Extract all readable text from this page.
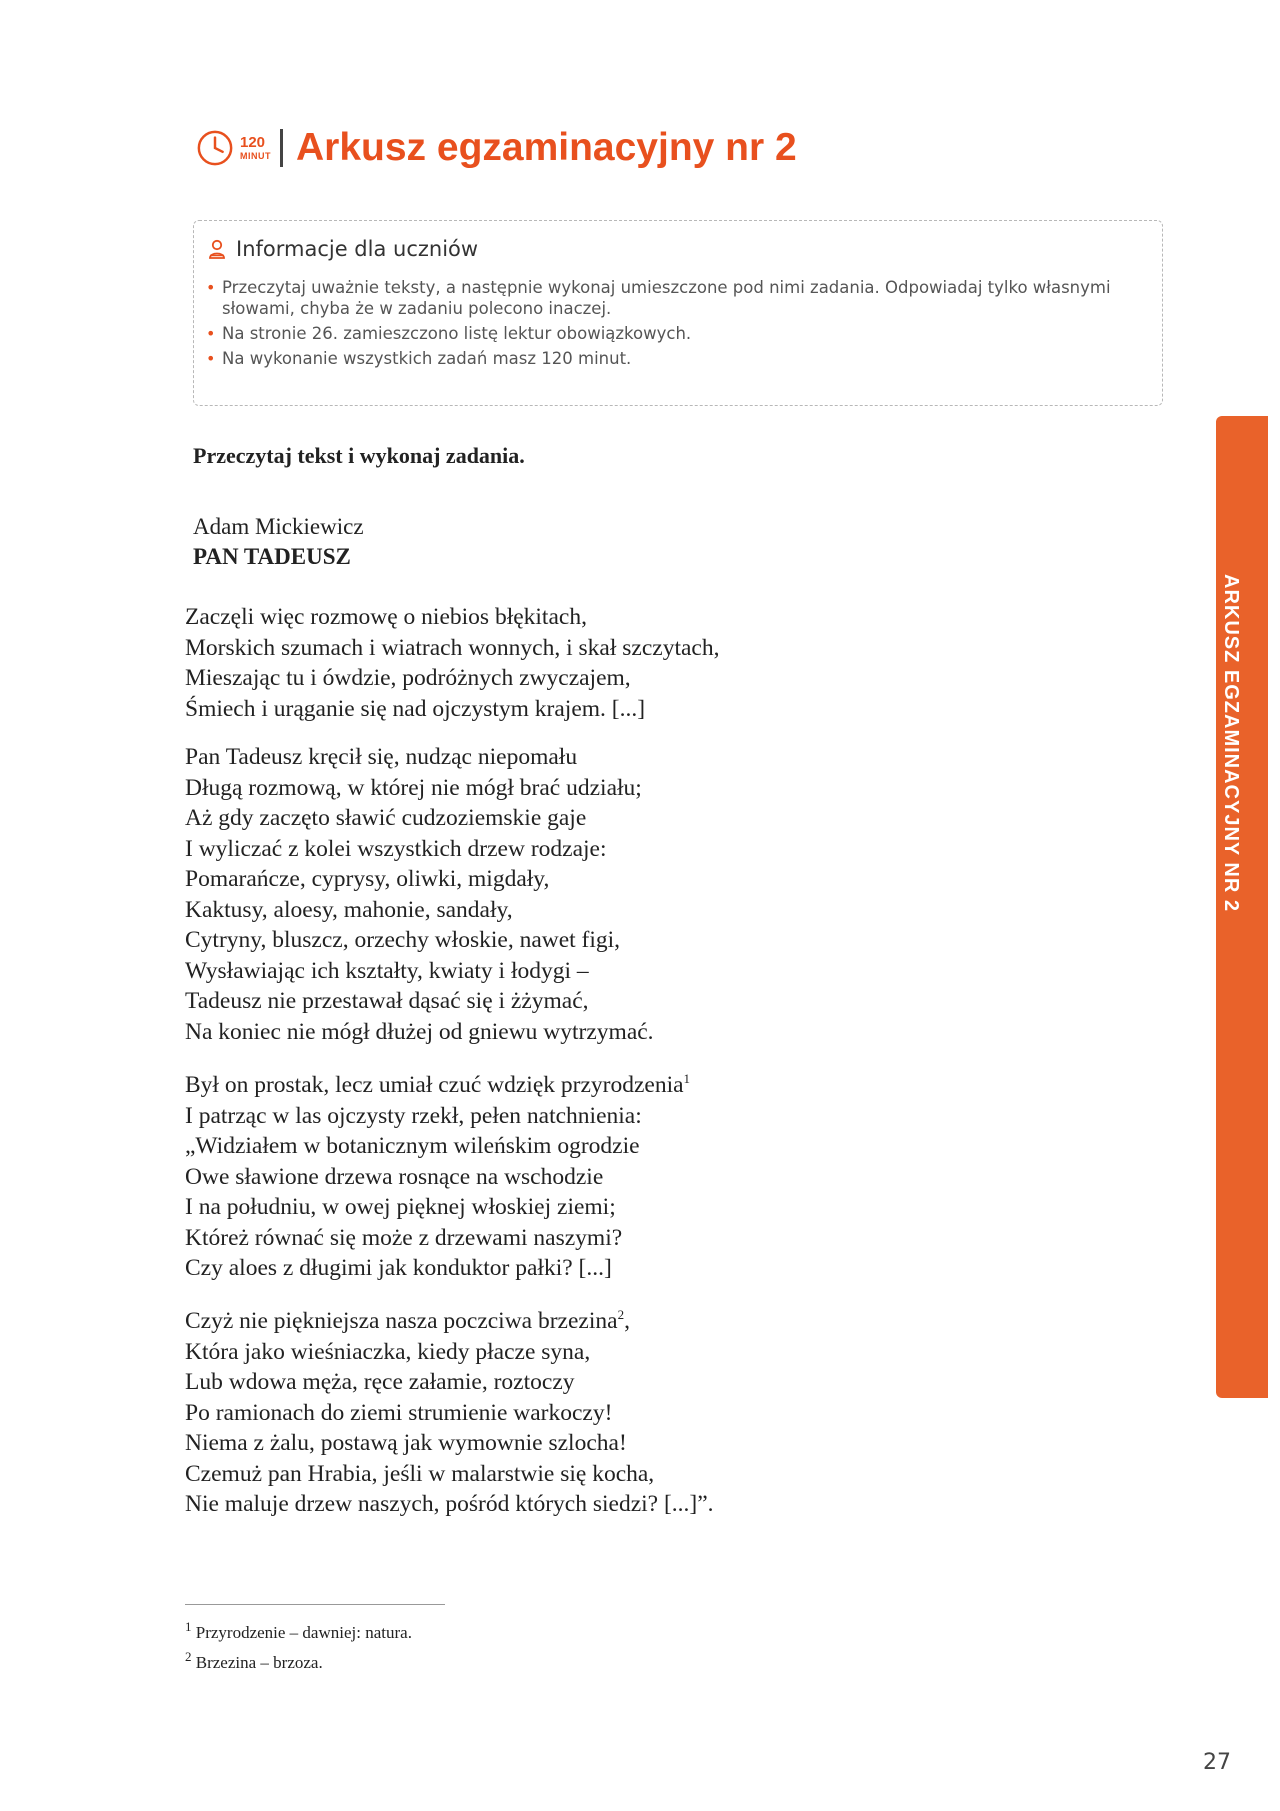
120
MINUT Arkusz egzaminacyjny nr 2
Informacje dla uczniów
• Przeczytaj uważnie teksty, a następnie wykonaj umieszczone pod nimi zadania. Odpowiadaj tylko własnymi słowami, chyba że w zadaniu polecono inaczej.
• Na stronie 26. zamieszczono listę lektur obowiązkowych.
• Na wykonanie wszystkich zadań masz 120 minut.
ARKUSZ EGZAMINACYJNY NR 2
Przeczytaj tekst i wykonaj zadania.
Adam Mickiewicz
PAN TADEUSZ
Zaczęli więc rozmowę o niebios błękitach,
Morskich szumach i wiatrach wonnych, i skał szczytach,
Mieszając tu i ówdzie, podróżnych zwyczajem,
Śmiech i urąganie się nad ojczystym krajem. [...]
Pan Tadeusz kręcił się, nudząc niepomału
Długą rozmową, w której nie mógł brać udziału;
Aż gdy zaczęto sławić cudzoziemskie gaje
I wyliczać z kolei wszystkich drzew rodzaje:
Pomarańcze, cyprysy, oliwki, migdały,
Kaktusy, aloesy, mahonie, sandały,
Cytryny, bluszcz, orzechy włoskie, nawet figi,
Wysławiając ich kształty, kwiaty i łodygi –
Tadeusz nie przestawał dąsać się i żżymać,
Na koniec nie mógł dłużej od gniewu wytrzymać.
Był on prostak, lecz umiał czuć wdzięk przyrodzenia$^1$
I patrząc w las ojczysty rzekł, pełen natchnienia:
„Widziałem w botanicznym wileńskim ogrodzie
Owe sławione drzewa rosnące na wschodzie
I na południu, w owej pięknej włoskiej ziemi;
Któreż równać się może z drzewami naszymi?
Czy aloes z długimi jak konduktor pałki? [...]
Czyż nie piękniejsza nasza poczciwa brzezina$^2$,
Która jako wieśniaczka, kiedy płacze syna,
Lub wdowa męża, ręce załamie, roztoczy
Po ramionach do ziemi strumienie warkoczy!
Niema z żalu, postawą jak wymownie szlocha!
Czemuż pan Hrabia, jeśli w malarstwie się kocha,
Nie maluje drzew naszych, pośród których siedzi? [...]”.
$^1$ Przyrodzenie – dawniej: natura.
$^2$ Brzezina – brzoza.
27
